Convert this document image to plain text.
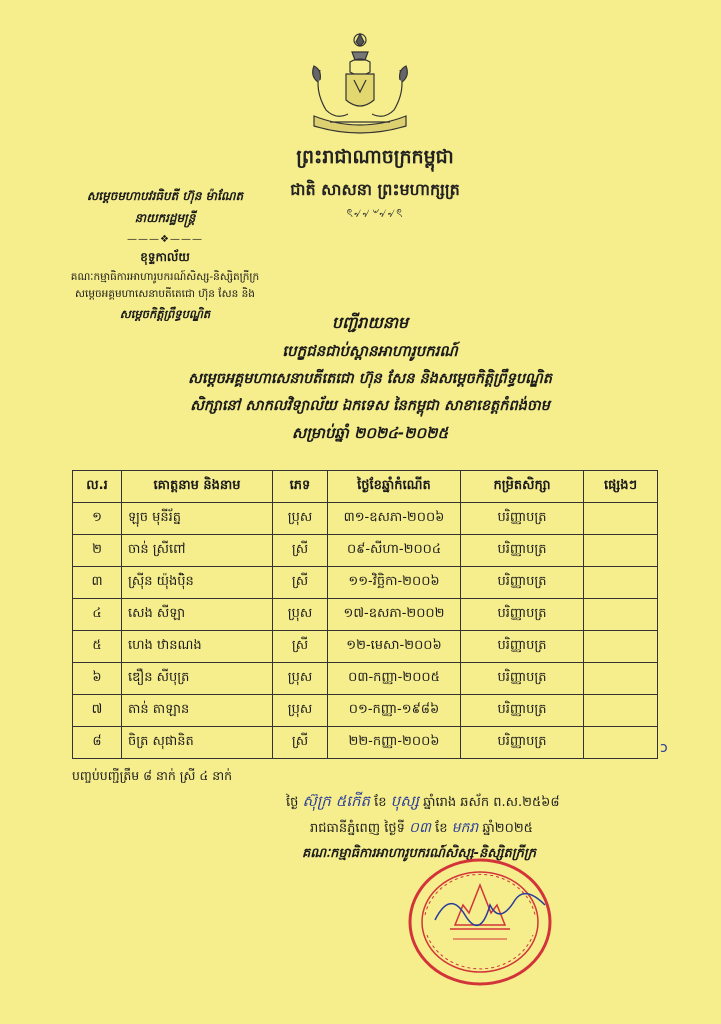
ព្រះរាជាណាចក្រកម្ពុជា
ជាតិ សាសនា ព្រះមហាក្សត្រ
ৎ৵৵৺৵৵ৎ
សម្ដេចមហាបវរធិបតី ហ៊ុន ម៉ាណែត
នាយករដ្ឋមន្ត្រី
———❖———
ខុទ្ទកាល័យ
គណៈកម្មាធិការអាហារូបករណ៍សិស្ស-និស្សិតក្រីក្រ
សម្ដេចអគ្គមហាសេនាបតីតេជោ ហ៊ុន សែន និង
សម្ដេចកិត្តិព្រឹទ្ធបណ្ឌិត	បញ្ជីរាយនាម
បេក្ខជនជាប់ស្ពានអាហារូបករណ៍
សម្ដេចអគ្គមហាសេនាបតីតេជោ ហ៊ុន សែន និងសម្ដេចកិត្តិព្រឹទ្ធបណ្ឌិត
សិក្សានៅ សាកលវិទ្យាល័យ ឯកទេស នៃកម្ពុជា សាខាខេត្តកំពង់ចាម
សម្រាប់ឆ្នាំ ២០២៤-២០២៥
ល.រ	គោត្តនាម និងនាម	ភេទ	ថ្ងៃខែឆ្នាំកំណើត	កម្រិតសិក្សា	ផ្សេងៗ
១	ឡុច មុនីរ័ត្ន	ប្រុស	៣១-ឧសភា-២០០៦	បរិញ្ញាបត្រ	
២	ចាន់ ស្រីពៅ	ស្រី	០៩-សីហា-២០០៤	បរិញ្ញាបត្រ	
៣	ស្រ៊ីន យ៉ុងប៉ុិន	ស្រី	១១-វិច្ឆិកា-២០០៦	បរិញ្ញាបត្រ	
៤	សេង សីឡា	ប្រុស	១៧-ឧសភា-២០០២	បរិញ្ញាបត្រ	
៥	ហេង ឋានណង	ស្រី	១២-មេសា-២០០៦	បរិញ្ញាបត្រ	
៦	ឌឿន សីបុត្រ	ប្រុស	០៣-កញ្ញា-២០០៥	បរិញ្ញាបត្រ	
៧	តាន់ តាឡាន	ប្រុស	០១-កញ្ញា-១៩៨៦	បរិញ្ញាបត្រ	
៨	ចិត្រ សុផានិត	ស្រី	២២-កញ្ញា-២០០៦	បរិញ្ញាបត្រ		ɔ
បញ្ចប់បញ្ជីត្រឹម ៨ នាក់ ស្រី ៤ នាក់
ថ្ងៃ ស៊ុក្រ ៥កើត ខែ បុស្ស ឆ្នាំរោង ឆស័ក ព.ស.២៥៦៨
រាជធានីភ្នំពេញ ថ្ងៃទី ០៣ ខែ មករា ឆ្នាំ២០២៥
គណៈកម្មាធិការអាហារូបករណ៍សិស្ស-និស្សិតក្រីក្រ
